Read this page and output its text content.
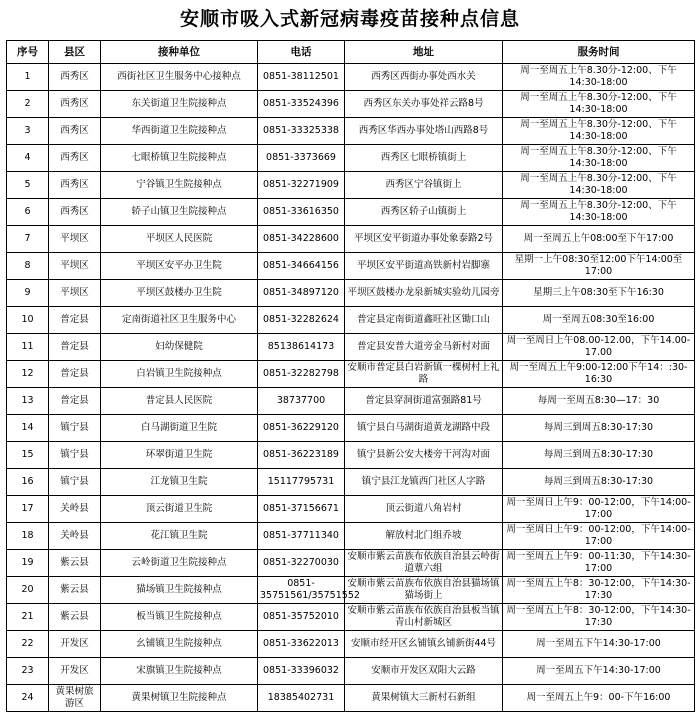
安顺市吸入式新冠病毒疫苗接种点信息
序号	县区	接种单位	电话	地址	服务时间
1	西秀区	西街社区卫生服务中心接种点	0851-38112501	西秀区西街办事处西水关	周一至周五上午8.30分-12:00、下午14:30-18:00
2	西秀区	东关街道卫生院接种点	0851-33524396	西秀区东关办事处祥云路8号	周一至周五上午8.30分-12:00、下午14:30-18:00
3	西秀区	华西街道卫生院接种点	0851-33325338	西秀区华西办事处塔山西路8号	周一至周五上午8.30分-12:00、下午14:30-18:00
4	西秀区	七眼桥镇卫生院接种点	0851-3373669	西秀区七眼桥镇街上	周一至周五上午8.30分-12:00、下午14:30-18:00
5	西秀区	宁谷镇卫生院接种点	0851-32271909	西秀区宁谷镇街上	周一至周五上午8.30分-12:00、下午14:30-18:00
6	西秀区	轿子山镇卫生院接种点	0851-33616350	西秀区轿子山镇街上	周一至周五上午8.30分-12:00、下午14:30-18:00
7	平坝区	平坝区人民医院	0851-34228600	平坝区安平街道办事处象泰路2号	周一至周五上午08:00至下午17:00
8	平坝区	平坝区安平办卫生院	0851-34664156	平坝区安平街道高铁新村岩脚寨	星期一上午08:30至12:00下午14:00至17:00
9	平坝区	平坝区鼓楼办卫生院	0851-34897120	平坝区鼓楼办龙泉新城实验幼儿园旁	星期三上午08:30至下午16:30
10	普定县	定南街道社区卫生服务中心	0851-32282624	普定县定南街道鑫旺社区锄口山	周一至周五08:30至16:00
11	普定县	妇幼保健院	85138614173	普定县安普大道旁金马新村对面	周一至周日上午08.00-12.00，下午14.00-17.00
12	普定县	白岩镇卫生院接种点	0851-32282798	安顺市普定县白岩新镇一棵树村上礼路	周一至周五上午9:00-12:00下午14：:30-16:30
13	普定县	普定县人民医院	38737700	普定县穿洞街道富强路81号	每周一至周五8:30—17：30
14	镇宁县	白马湖街道卫生院	0851-36229120	镇宁县白马湖街道黄龙湖路中段	每周三到周五8:30-17:30
15	镇宁县	环翠街道卫生院	0851-36223189	镇宁县新公安大楼旁干河沟对面	每周三到周五8:30-17:30
16	镇宁县	江龙镇卫生院	15117795731	镇宁县江龙镇西门社区人字路	每周三到周五8:30-17:30
17	关岭县	顶云街道卫生院	0851-37156671	顶云街道八角岩村	周一至周日上午9：00-12:00，下午14:00-17:00
18	关岭县	花江镇卫生院	0851-37711340	解放村北门组乔坡	周一至周日上午9：00-12:00，下午14:00-17:00
19	紫云县	云岭街道卫生院接种点	0851-32270030	安顺市紫云苗族布依族自治县云岭街道蕈六组	周一至周五上午9：00-11:30，下午14:30-17:00
20	紫云县	猫场镇卫生院接种点	0851-35751561/35751552	安顺市紫云苗族布依族自治县猫场镇猫场街上	周一至周五上午8：30-12:00，下午14:30-17:30
21	紫云县	板当镇卫生院接种点	0851-35752010	安顺市紫云苗族布依族自治县板当镇青山村新城区	周一至周五上午8：30-12:00，下午14:30-17:30
22	开发区	幺铺镇卫生院接种点	0851-33622013	安顺市经开区幺铺镇幺铺新街44号	周一至周五下午14:30-17:00
23	开发区	宋旗镇卫生院接种点	0851-33396032	安顺市开发区双阳大云路	周一至周五下午14:30-17:00
24	黄果树旅游区	黄果树镇卫生院接种点	18385402731	黄果树镇大三新村石新组	周一至周五上午9：00-下午16:00
